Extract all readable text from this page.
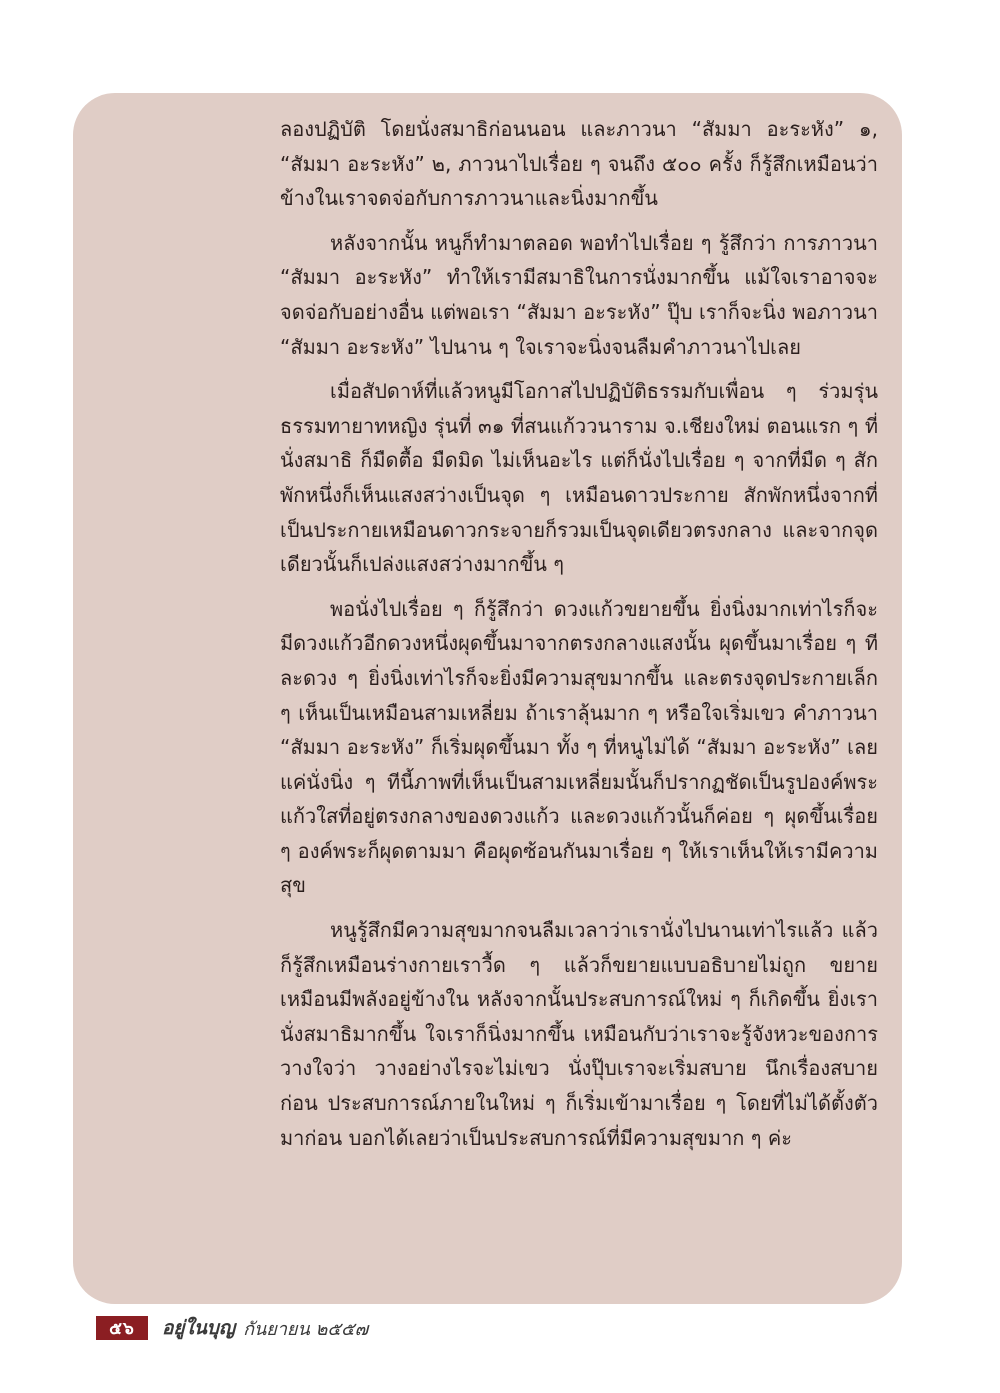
ลองปฏิบัติ โดยนั่งสมาธิก่อนนอน และภาวนา “สัมมา อะระหัง” ๑, “สัมมา อะระหัง” ๒, ภาวนาไปเรื่อย ๆ จนถึง ๕๐๐ ครั้ง ก็รู้สึกเหมือนว่าข้างในเราจดจ่อกับการภาวนาและนิ่งมากขึ้น

หลังจากนั้น หนูก็ทำมาตลอด พอทำไปเรื่อย ๆ รู้สึกว่า การภาวนา “สัมมา อะระหัง” ทำให้เรามีสมาธิในการนั่งมากขึ้น แม้ใจเราอาจจะจดจ่อกับอย่างอื่น แต่พอเรา “สัมมา อะระหัง” ปุ๊บ เราก็จะนิ่ง พอภาวนา “สัมมา อะระหัง” ไปนาน ๆ ใจเราจะนิ่งจนลืมคำภาวนาไปเลย

เมื่อสัปดาห์ที่แล้วหนูมีโอกาสไปปฏิบัติธรรมกับเพื่อน ๆ ร่วมรุ่นธรรมทายาทหญิง รุ่นที่ ๓๑ ที่สนแก้ววนาราม จ.เชียงใหม่ ตอนแรก ๆ ที่นั่งสมาธิ ก็มืดตื้อ มืดมิด ไม่เห็นอะไร แต่ก็นั่งไปเรื่อย ๆ จากที่มืด ๆ สักพักหนึ่งก็เห็นแสงสว่างเป็นจุด ๆ เหมือนดาวประกาย สักพักหนึ่งจากที่เป็นประกายเหมือนดาวกระจายก็รวมเป็นจุดเดียวตรงกลาง และจากจุดเดียวนั้นก็เปล่งแสงสว่างมากขึ้น ๆ

พอนั่งไปเรื่อย ๆ ก็รู้สึกว่า ดวงแก้วขยายขึ้น ยิ่งนิ่งมากเท่าไรก็จะมีดวงแก้วอีกดวงหนึ่งผุดขึ้นมาจากตรงกลางแสงนั้น ผุดขึ้นมาเรื่อย ๆ ทีละดวง ๆ ยิ่งนิ่งเท่าไรก็จะยิ่งมีความสุขมากขึ้น และตรงจุดประกายเล็ก ๆ เห็นเป็นเหมือนสามเหลี่ยม ถ้าเราลุ้นมาก ๆ หรือใจเริ่มเขว คำภาวนา “สัมมา อะระหัง” ก็เริ่มผุดขึ้นมา ทั้ง ๆ ที่หนูไม่ได้ “สัมมา อะระหัง” เลย แค่นั่งนิ่ง ๆ ทีนี้ภาพที่เห็นเป็นสามเหลี่ยมนั้นก็ปรากฏชัดเป็นรูปองค์พระแก้วใสที่อยู่ตรงกลางของดวงแก้ว และดวงแก้วนั้นก็ค่อย ๆ ผุดขึ้นเรื่อย ๆ องค์พระก็ผุดตามมา คือผุดซ้อนกันมาเรื่อย ๆ ให้เราเห็นให้เรามีความสุข

หนูรู้สึกมีความสุขมากจนลืมเวลาว่าเรานั่งไปนานเท่าไรแล้ว แล้วก็รู้สึกเหมือนร่างกายเราวื้ด ๆ แล้วก็ขยายแบบอธิบายไม่ถูก ขยายเหมือนมีพลังอยู่ข้างใน หลังจากนั้นประสบการณ์ใหม่ ๆ ก็เกิดขึ้น ยิ่งเรานั่งสมาธิมากขึ้น ใจเราก็นิ่งมากขึ้น เหมือนกับว่าเราจะรู้จังหวะของการวางใจว่า วางอย่างไรจะไม่เขว นั่งปุ๊บเราจะเริ่มสบาย นึกเรื่องสบายก่อน ประสบการณ์ภายในใหม่ ๆ ก็เริ่มเข้ามาเรื่อย ๆ โดยที่ไม่ได้ตั้งตัวมาก่อน บอกได้เลยว่าเป็นประสบการณ์ที่มีความสุขมาก ๆ ค่ะ

๕๖	อยู่ในบุญ กันยายน ๒๕๕๗
